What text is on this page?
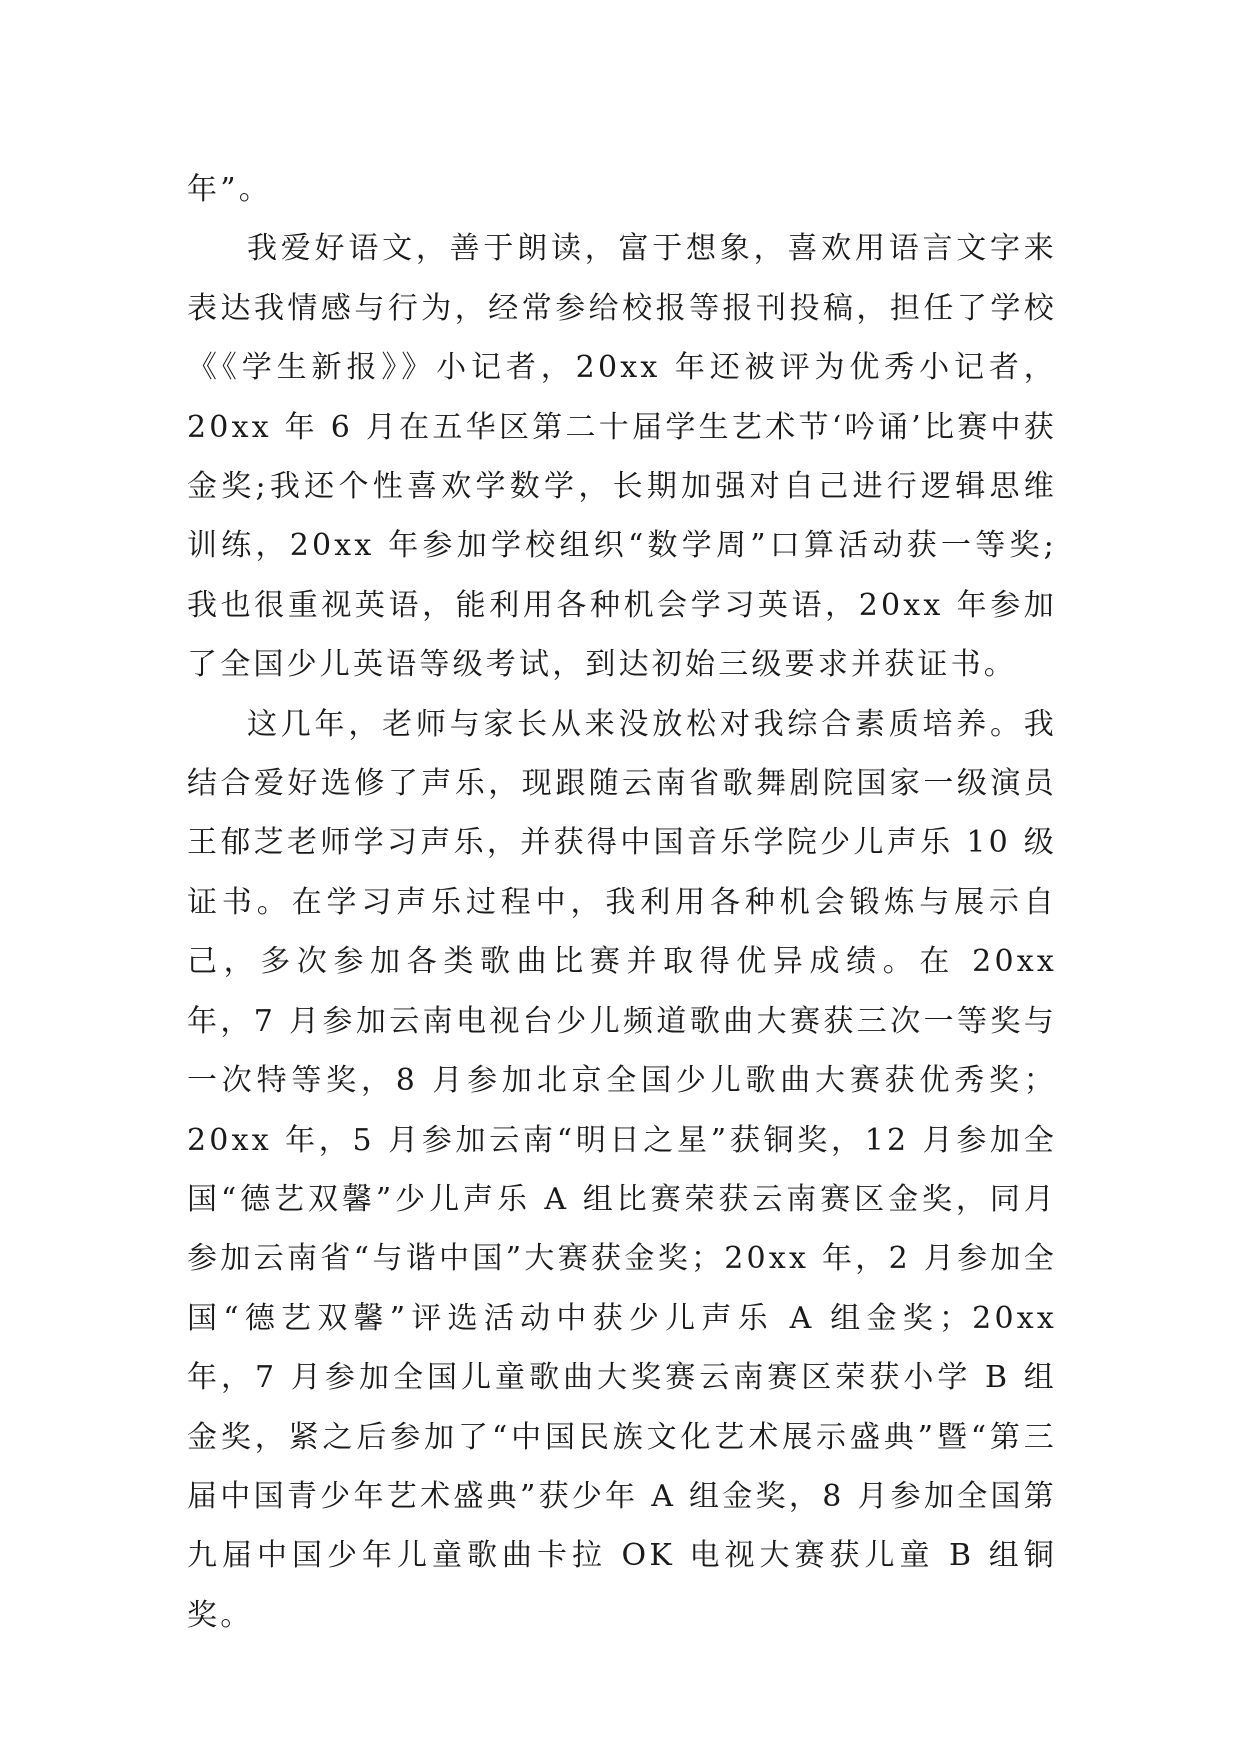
年”。

我爱好语文，善于朗读，富于想象，喜欢用语言文字来表达我情感与行为，经常参给校报等报刊投稿，担任了学校《《学生新报》》小记者，20xx 年还被评为优秀小记者，20xx 年 6 月在五华区第二十届学生艺术节‘吟诵’比赛中获金奖;我还个性喜欢学数学，长期加强对自己进行逻辑思维训练，20xx 年参加学校组织“数学周”口算活动获一等奖;我也很重视英语，能利用各种机会学习英语，20xx 年参加了全国少儿英语等级考试，到达初始三级要求并获证书。

这几年，老师与家长从来没放松对我综合素质培养。我结合爱好选修了声乐，现跟随云南省歌舞剧院国家一级演员王郁芝老师学习声乐，并获得中国音乐学院少儿声乐 10 级证书。在学习声乐过程中，我利用各种机会锻炼与展示自己，多次参加各类歌曲比赛并取得优异成绩。在 20xx 年，7 月参加云南电视台少儿频道歌曲大赛获三次一等奖与一次特等奖，8 月参加北京全国少儿歌曲大赛获优秀奖；20xx 年，5 月参加云南“明日之星”获铜奖，12 月参加全国“德艺双馨”少儿声乐 A 组比赛荣获云南赛区金奖，同月参加云南省“与谐中国”大赛获金奖；20xx 年，2 月参加全国“德艺双馨”评选活动中获少儿声乐 A 组金奖；20xx 年，7 月参加全国儿童歌曲大奖赛云南赛区荣获小学 B 组金奖，紧之后参加了“中国民族文化艺术展示盛典”暨“第三届中国青少年艺术盛典”获少年 A 组金奖，8 月参加全国第九届中国少年儿童歌曲卡拉 OK 电视大赛获儿童 B 组铜奖。
